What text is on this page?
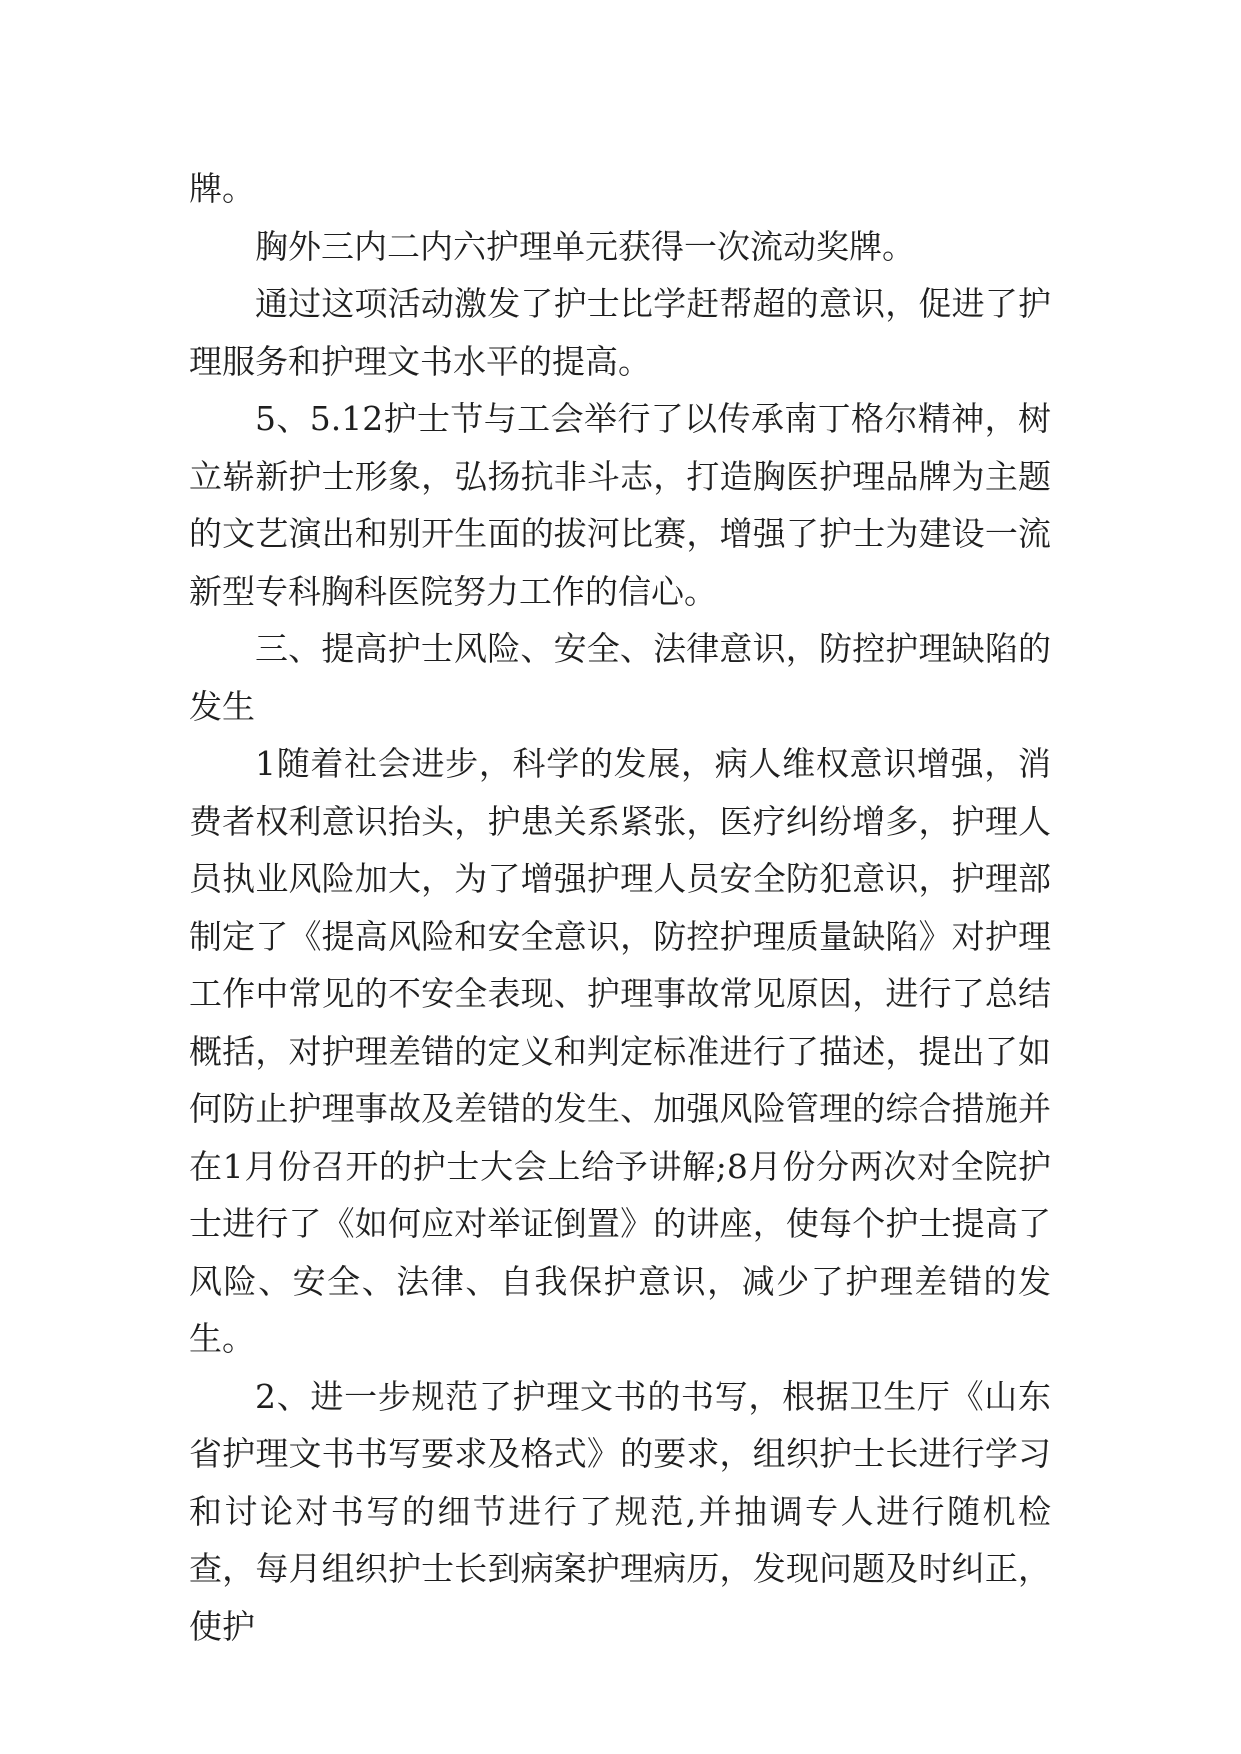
牌。

胸外三内二内六护理单元获得一次流动奖牌。

通过这项活动激发了护士比学赶帮超的意识，促进了护理服务和护理文书水平的提高。

5、5.12护士节与工会举行了以传承南丁格尔精神，树立崭新护士形象，弘扬抗非斗志，打造胸医护理品牌为主题的文艺演出和别开生面的拔河比赛，增强了护士为建设一流新型专科胸科医院努力工作的信心。

三、提高护士风险、安全、法律意识，防控护理缺陷的发生

1随着社会进步，科学的发展，病人维权意识增强，消费者权利意识抬头，护患关系紧张，医疗纠纷增多，护理人员执业风险加大，为了增强护理人员安全防犯意识，护理部制定了《提高风险和安全意识，防控护理质量缺陷》对护理工作中常见的不安全表现、护理事故常见原因，进行了总结概括，对护理差错的定义和判定标准进行了描述，提出了如何防止护理事故及差错的发生、加强风险管理的综合措施并在1月份召开的护士大会上给予讲解;8月份分两次对全院护士进行了《如何应对举证倒置》的讲座，使每个护士提高了风险、安全、法律、自我保护意识，减少了护理差错的发生。

2、进一步规范了护理文书的书写，根据卫生厅《山东省护理文书书写要求及格式》的要求，组织护士长进行学习和讨论对书写的细节进行了规范,并抽调专人进行随机检查，每月组织护士长到病案护理病历，发现问题及时纠正，使护
